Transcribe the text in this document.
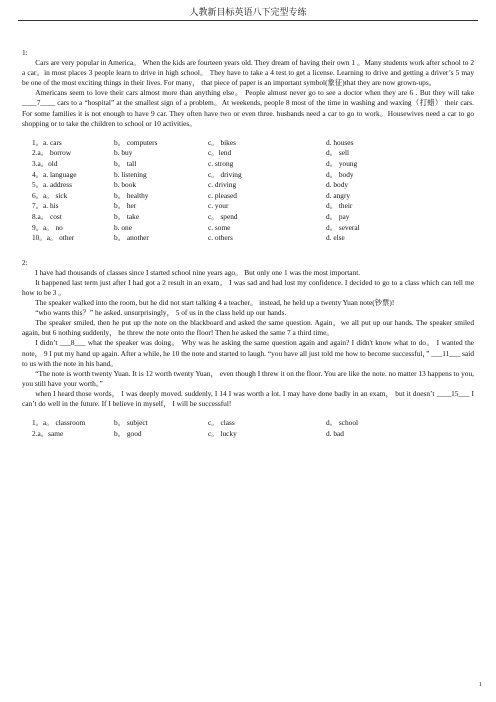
人教新目标英语八下完型专练
1:

Cars are very popular in America。 When the kids are fourteen years old. They dream of having their own 1 。Many students work after school to 2 a car。in most places 3 people learn to drive in high school。 They have to take a 4 test to get a license. Learning to drive and getting a driver’s 5 may be one of the most exciting things in their lives. For many， that piece of paper is an important symbol(象征)that they are now grown-ups。

Americans seem to love their cars almost more than anything else。 People almost never go to see a doctor when they are 6 . But they will take ____7____ cars to a “hospital” at the smallest sign of a problem。At weekends, people 8 most of the time in washing and waxing（打蜡） their cars. For some families it is not enough to have 9 car. They often have two or even three. husbands need a car to go to work。Housewives need a car to go shopping or to take the children to school or 10 activities。

1。a. cars	b。 computers	c。 bikes	d. houses
2.a。 borrow	b. buy	c。lend	d。 sell
3.a。old	b。 tall	c. strong	d。 young
4。a. language	b. listening	c。 driving	d。 body
5。a. address	b. book	c. driving	d. body
6。a。 sick	b。 healthy	c. pleased	d. angry
7。a. his	b。 her	c. your	d。 their
8.a。 cost	b。 take	c。 spend	d。 pay
9。a。 no	b. one	c. some	d。 several
10。a。 other	b。 another	c. others	d. else
2:

I have had thousands of classes since I started school nine years ago。 But only one 1 was the most important.

It happened last term just after I had got a 2 result in an exam。 I was sad and had lost my confidence. I decided to go to a class which can tell me how to be 3 。

The speaker walked into the room, but he did not start talking 4 a teacher。 instead, he held up a twenty Yuan note(钞票)!

“who wants this？” he asked. unsurprisingly， 5 of us in the class held up our hands.

The speaker smiled, then he put up the note on the blackboard and asked the same question. Again，we all put up our hands. The speaker smiled again, but 6 nothing suddenly， he threw the note onto the floor! Then he asked the same 7 a third time。

I didn’t ___8___ what the speaker was doing。 Why was he asking the same question again and again? I didn't know what to do。 I wanted the note， 9 I put my hand up again. After a while, he 10 the note and started to laugh. “you have all just told me how to become successful，” ___11___ said to us with the note in his hand。

“The note is worth twenty Yuan. It is 12 worth twenty Yuan， even though I threw it on the floor. You are like the note. no matter 13 happens to you, you still have your worth。”

when I heard those words， I was deeply moved. suddenly, I 14 I was worth a lot. I may have done badly in an exam， but it doesn’t ____15___ I can’t do well in the future. If I believe in myself， I will be successful!

1。a。 classroom	b。 subject	c。 class	d。 school
2.a。same	b。 good	c。 lucky	d. bad
1
